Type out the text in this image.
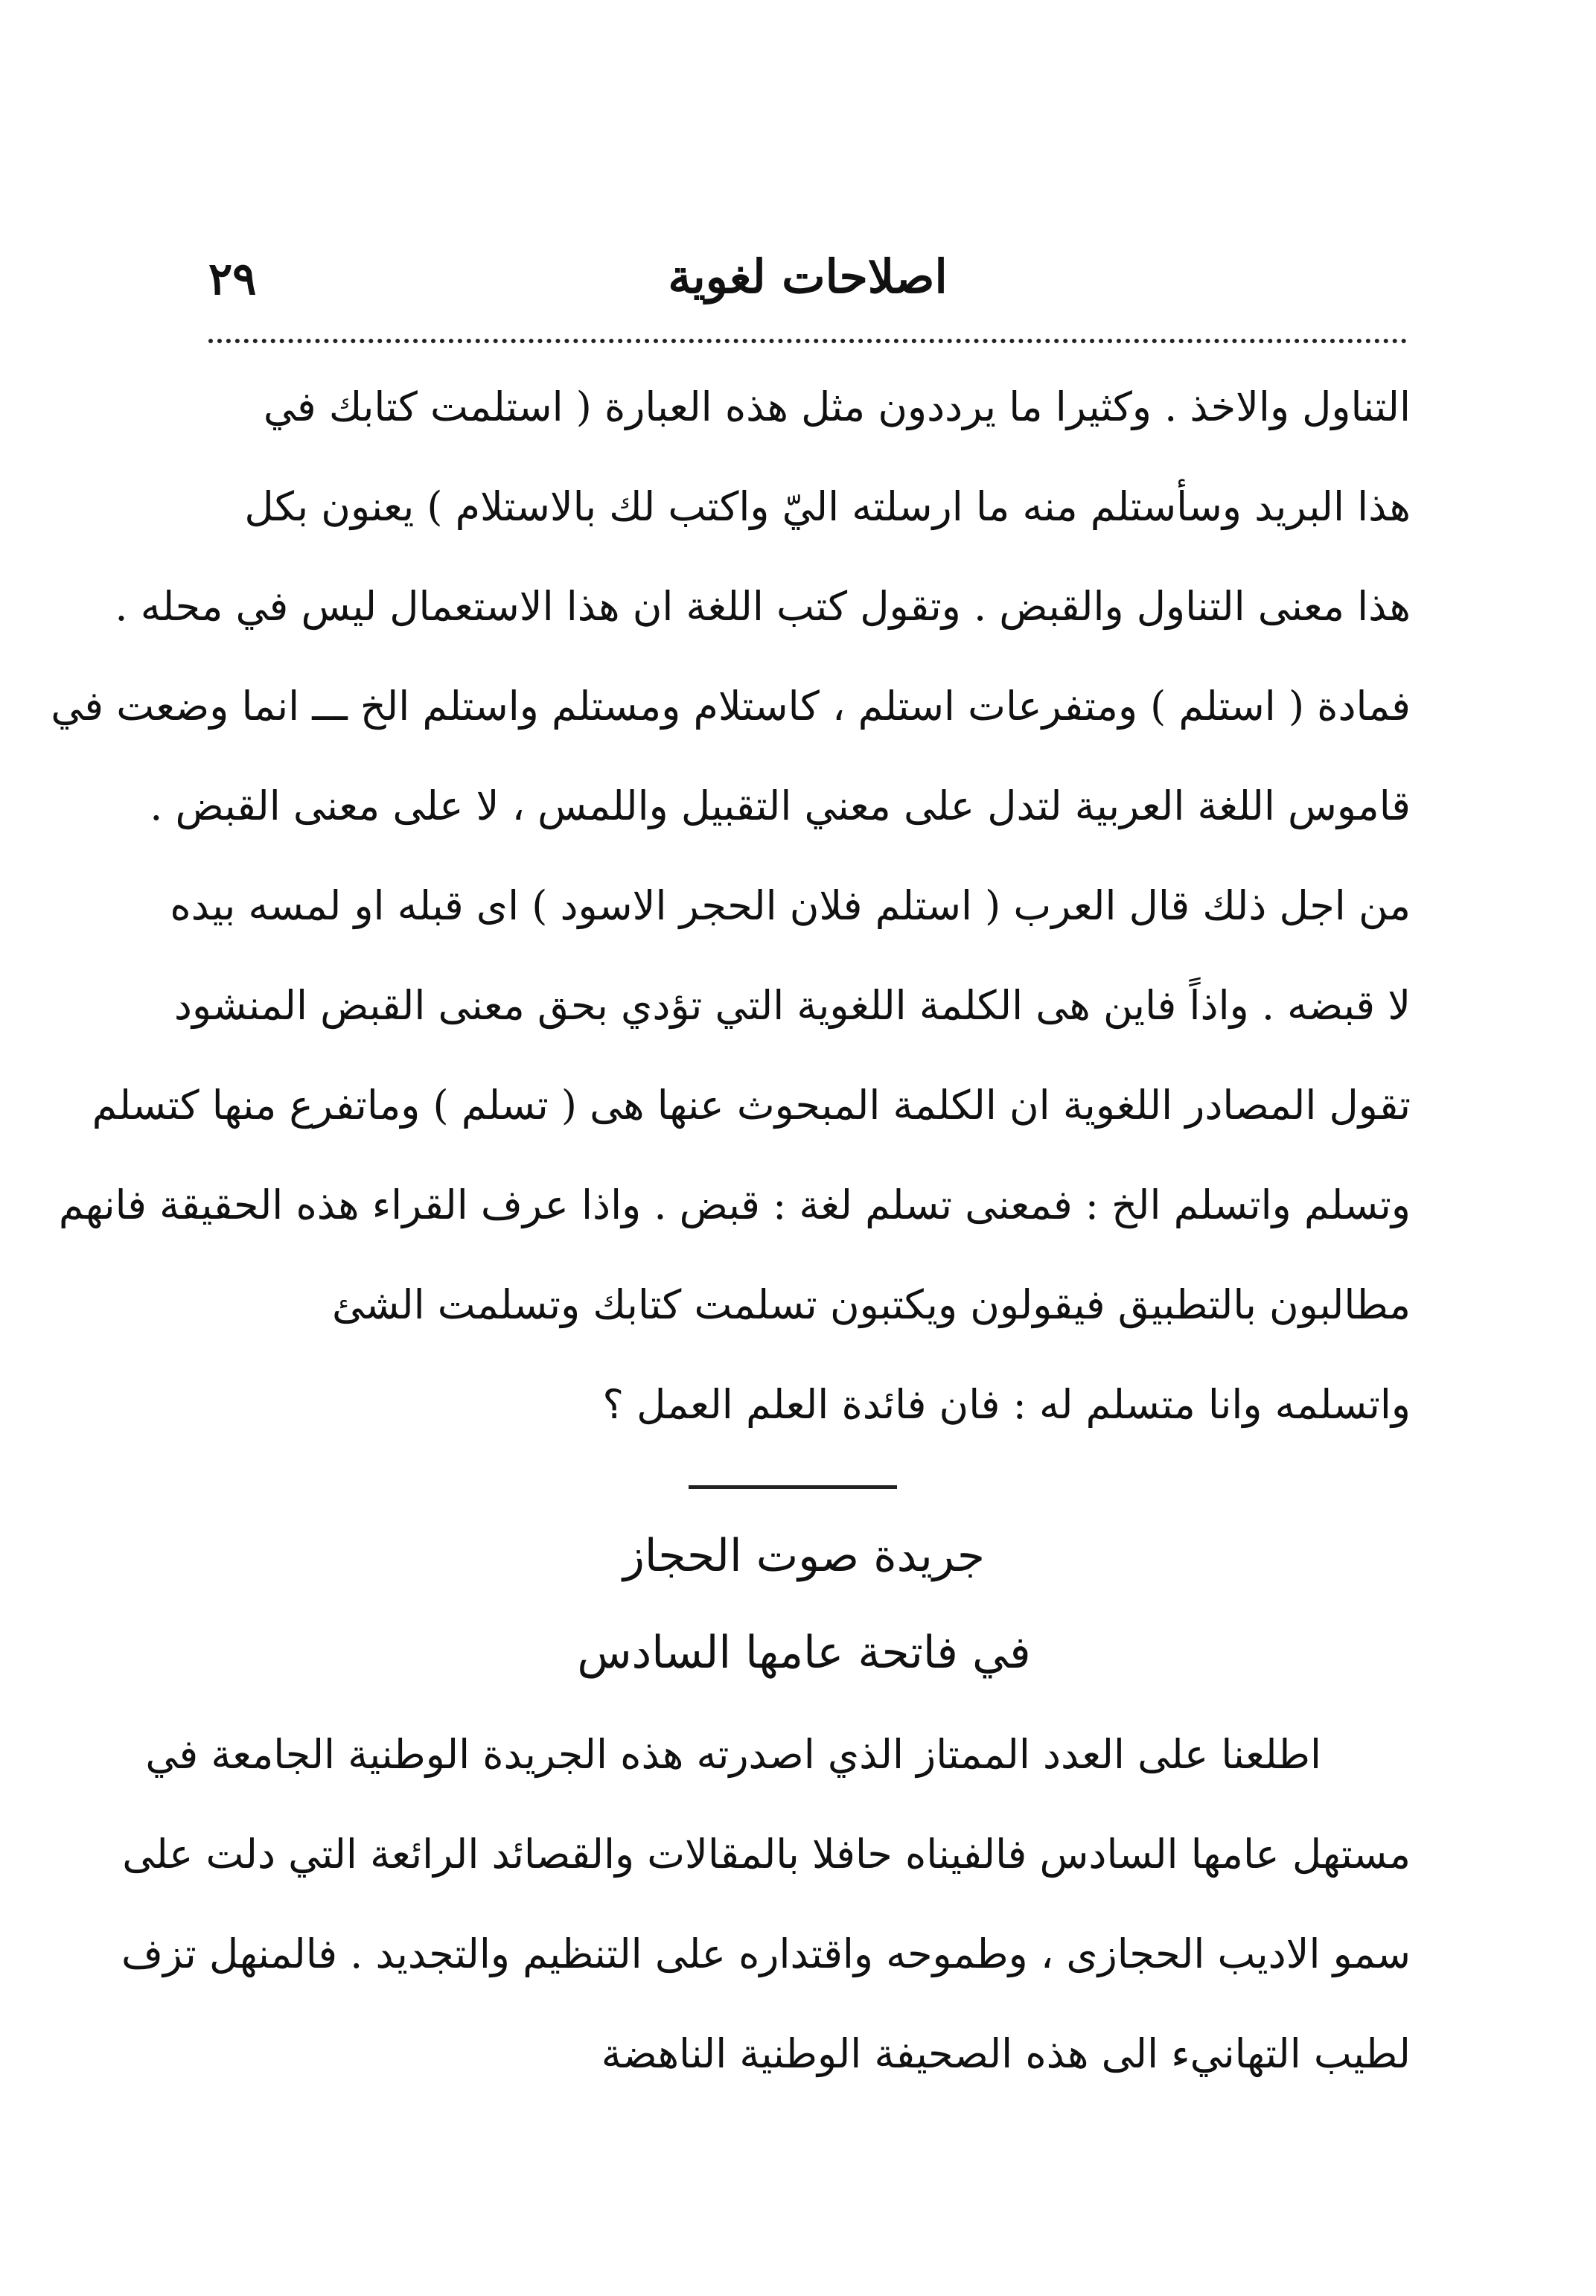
٢٩	اصلاحات لغوية
التناول والاخذ . وكثيرا ما يرددون مثل هذه العبارة ( استلمت كتابك في
هذا البريد وسأستلم منه ما ارسلته اليّ واكتب لك بالاستلام ) يعنون بكل
هذا معنى التناول والقبض . وتقول كتب اللغة ان هذا الاستعمال ليس في محله .
فمادة ( استلم ) ومتفرعات استلم ، كاستلام ومستلم واستلم الخ ـــ انما وضعت في
قاموس اللغة العربية لتدل على معني التقبيل واللمس ، لا على معنى القبض .
من اجل ذلك قال العرب ( استلم فلان الحجر الاسود ) اى قبله او لمسه بيده
لا قبضه . واذاً فاين هى الكلمة اللغوية التي تؤدي بحق معنى القبض المنشود
تقول المصادر اللغوية ان الكلمة المبحوث عنها هى ( تسلم ) وماتفرع منها كتسلم
وتسلم واتسلم الخ : فمعنى تسلم لغة : قبض . واذا عرف القراء هذه الحقيقة فانهم
مطالبون بالتطبيق فيقولون ويكتبون تسلمت كتابك وتسلمت الشئ
واتسلمه وانا متسلم له : فان فائدة العلم العمل ؟
جريدة صوت الحجاز
في فاتحة عامها السادس
اطلعنا على العدد الممتاز الذي اصدرته هذه الجريدة الوطنية الجامعة في
مستهل عامها السادس فالفيناه حافلا بالمقالات والقصائد الرائعة التي دلت على
سمو الاديب الحجازى ، وطموحه واقتداره على التنظيم والتجديد . فالمنهل تزف
لطيب التهانيء الى هذه الصحيفة الوطنية الناهضة
